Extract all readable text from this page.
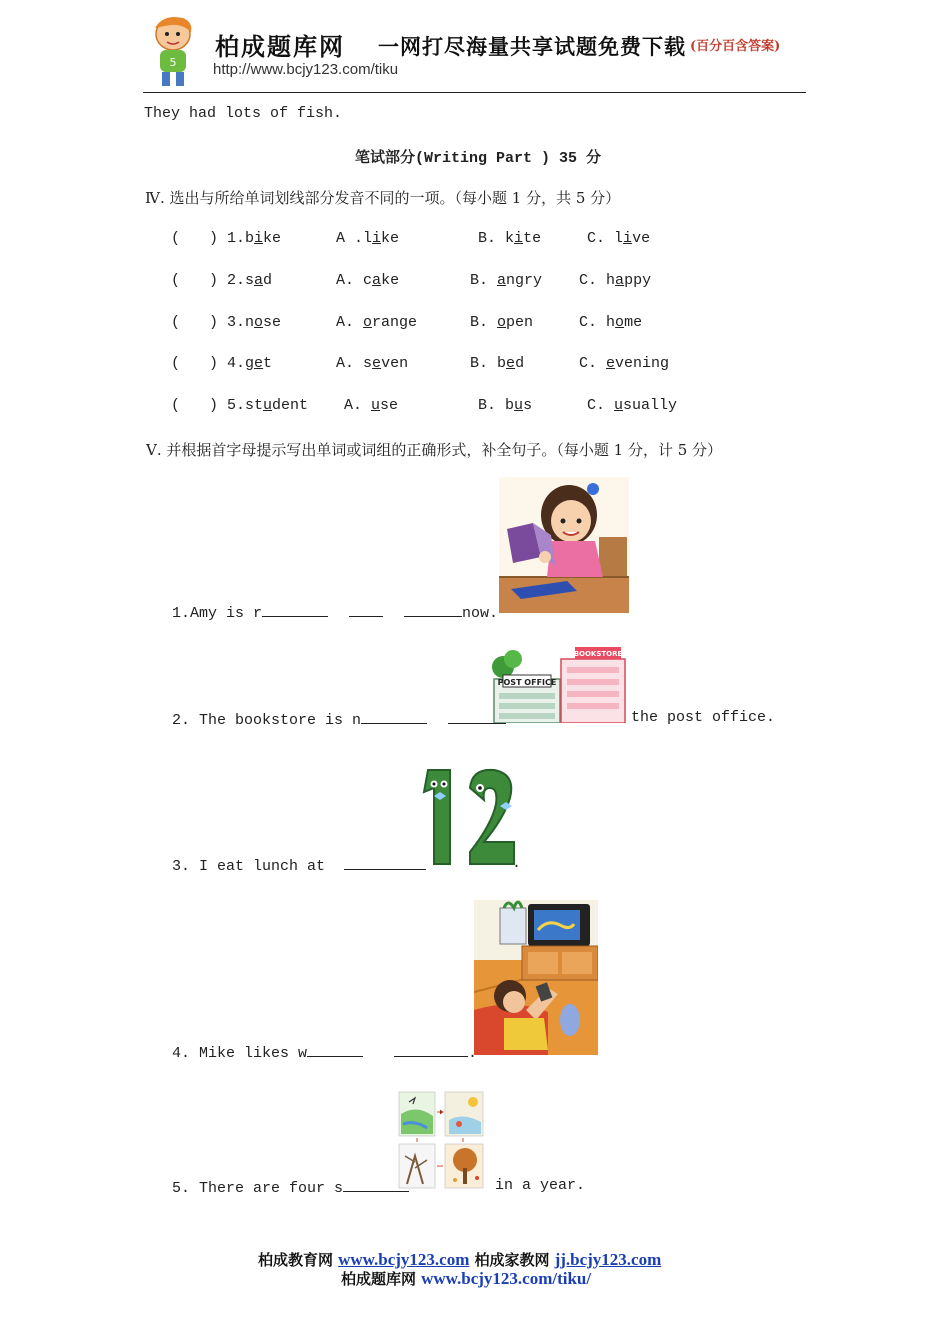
5
柏成题库网 一网打尽海量共享试题免费下载 (百分百含答案)
http://www.bcjy123.com/tiku
They had lots of fish.
笔试部分(Writing Part ) 35 分
Ⅳ. 选出与所给单词划线部分发音不同的一项。（每小题 1 分，共 5 分）
( ) 1.bike	A .like	B. kite	C. live
( ) 2.sad	A. cake	B. angry C. happy
( ) 3.nose	A. orange	B. open	C. home
( ) 4.get	A. seven	B. bed	C. evening
( ) 5.student A. use	B. bus	C. usually
Ⅴ. 并根据首字母提示写出单词或词组的正确形式，补全句子。（每小题 1 分，计 5 分）
1.Amy is r	now.
POST OFFICE
BOOKSTORE
2. The bookstore is n	the post office.
3. I eat lunch at	.
4. Mike likes w	.
5. There are four s	in a year.
柏成教育网 www.bcjy123.com 柏成家教网 jj.bcjy123.com
柏成题库网 www.bcjy123.com/tiku/
